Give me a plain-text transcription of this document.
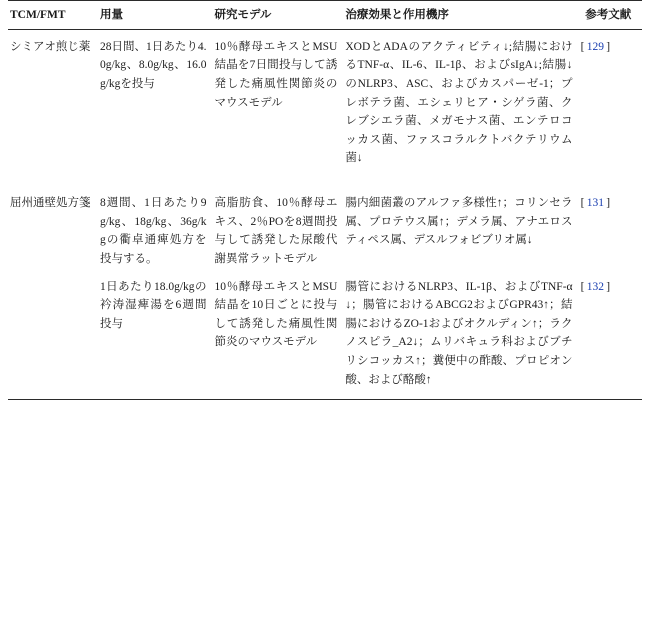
TCM/FMT	用量	研究モデル	治療効果と作用機序	参考文献
シミアオ煎じ薬	28日間、1日あたり4.0g/kg、8.0g/kg、16.0g/kgを投与	10％酵母エキスとMSU結晶を7日間投与して誘発した痛風性関節炎のマウスモデル	XODとADAのアクティビティ↓;結腸におけるTNF-α、IL-6、IL-1β、およびsIgA↓;結腸↓のNLRP3、ASC、およびカスパーゼ-1；プレボテラ菌、エシェリヒア・シゲラ菌、クレブシエラ菌、メガモナス菌、エンテロコッカス菌、ファスコラルクトバクテリウム菌↓	[  129  ]

屈州通壁処方箋	8週間、1日あたり9g/kg、18g/kg、36g/kgの衢卓通痺処方を投与する。	高脂肪食、10％酵母エキス、2％POを8週間投与して誘発した尿酸代謝異常ラットモデル	腸内細菌叢のアルファ多様性↑；コリンセラ属、プロテウス属↑；デメラ属、アナエロスティペス属、デスルフォビブリオ属↓	[  131  ]
	1日あたり18.0g/kgの衿涛湿痺湯を6週間投与	10％酵母エキスとMSU結晶を10日ごとに投与して誘発した痛風性関節炎のマウスモデル	腸管におけるNLRP3、IL-1β、およびTNF-α↓；腸管におけるABCG2およびGPR43↑；結腸におけるZO-1およびオクルディン↑；ラクノスピラ_A2↓；ムリバキュラ科およびブチリシコッカス↑；糞便中の酢酸、プロピオン酸、および酪酸↑	[  132  ]
